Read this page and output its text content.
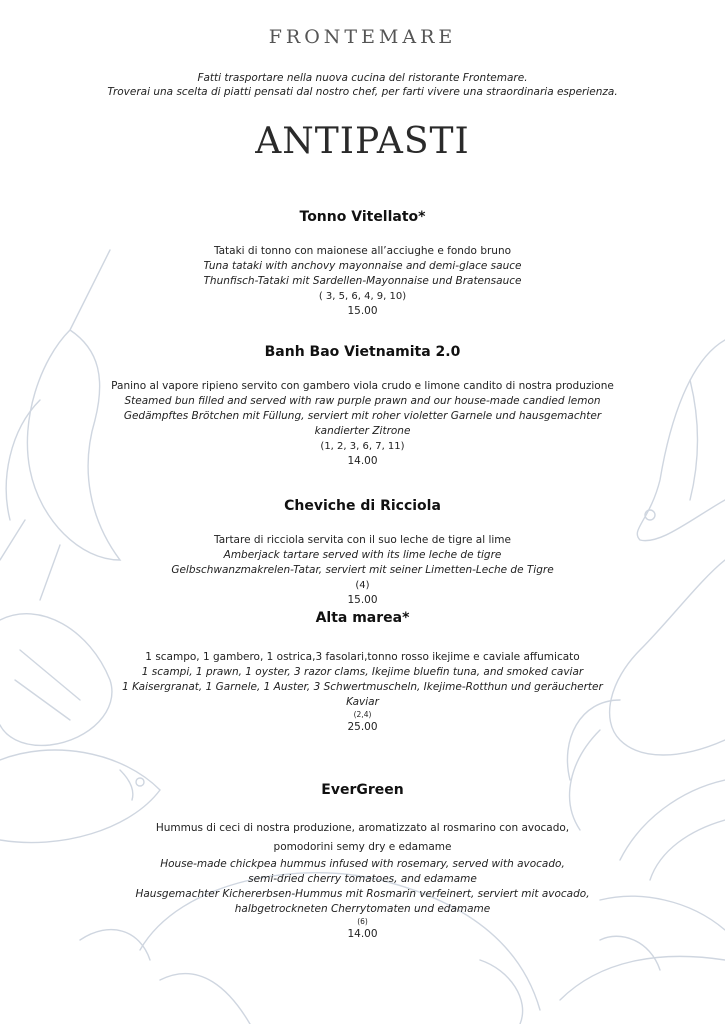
FRONTEMARE
Fatti trasportare nella nuova cucina del ristorante Frontemare.
Troverai una scelta di piatti pensati dal nostro chef, per farti vivere una straordinaria esperienza.
ANTIPASTI
Tonno Vitellato*
Tataki di tonno con maionese all’acciughe e fondo bruno
Tuna tataki with anchovy mayonnaise and demi-glace sauce
Thunfisch-Tataki mit Sardellen-Mayonnaise und Bratensauce
( 3, 5, 6, 4, 9, 10)
15.00
Banh Bao Vietnamita 2.0
Panino al vapore ripieno servito con gambero viola crudo e limone candito di nostra produzione
Steamed bun filled and served with raw purple prawn and our house-made candied lemon
Gedämpftes Brötchen mit Füllung, serviert mit roher violetter Garnele und hausgemachter
kandierter Zitrone
(1, 2, 3, 6, 7, 11)
14.00
Cheviche di Ricciola
Tartare di ricciola servita con il suo leche de tigre al lime
Amberjack tartare served with its lime leche de tigre
Gelbschwanzmakrelen-Tatar, serviert mit seiner Limetten-Leche de Tigre
(4)
15.00
Alta marea*
1 scampo, 1 gambero, 1 ostrica,3 fasolari,tonno rosso ikejime e caviale affumicato
1 scampi, 1 prawn, 1 oyster, 3 razor clams, Ikejime bluefin tuna, and smoked caviar
1 Kaisergranat, 1 Garnele, 1 Auster, 3 Schwertmuscheln, Ikejime-Rotthun und geräucherter
Kaviar
(2,4)
25.00
EverGreen
Hummus di ceci di nostra produzione, aromatizzato al rosmarino con avocado,
pomodorini semy dry e edamame
House-made chickpea hummus infused with rosemary, served with avocado,
semi-dried cherry tomatoes, and edamame
Hausgemachter Kichererbsen-Hummus mit Rosmarin verfeinert, serviert mit avocado,
halbgetrockneten Cherrytomaten und edamame
(6)
14.00
